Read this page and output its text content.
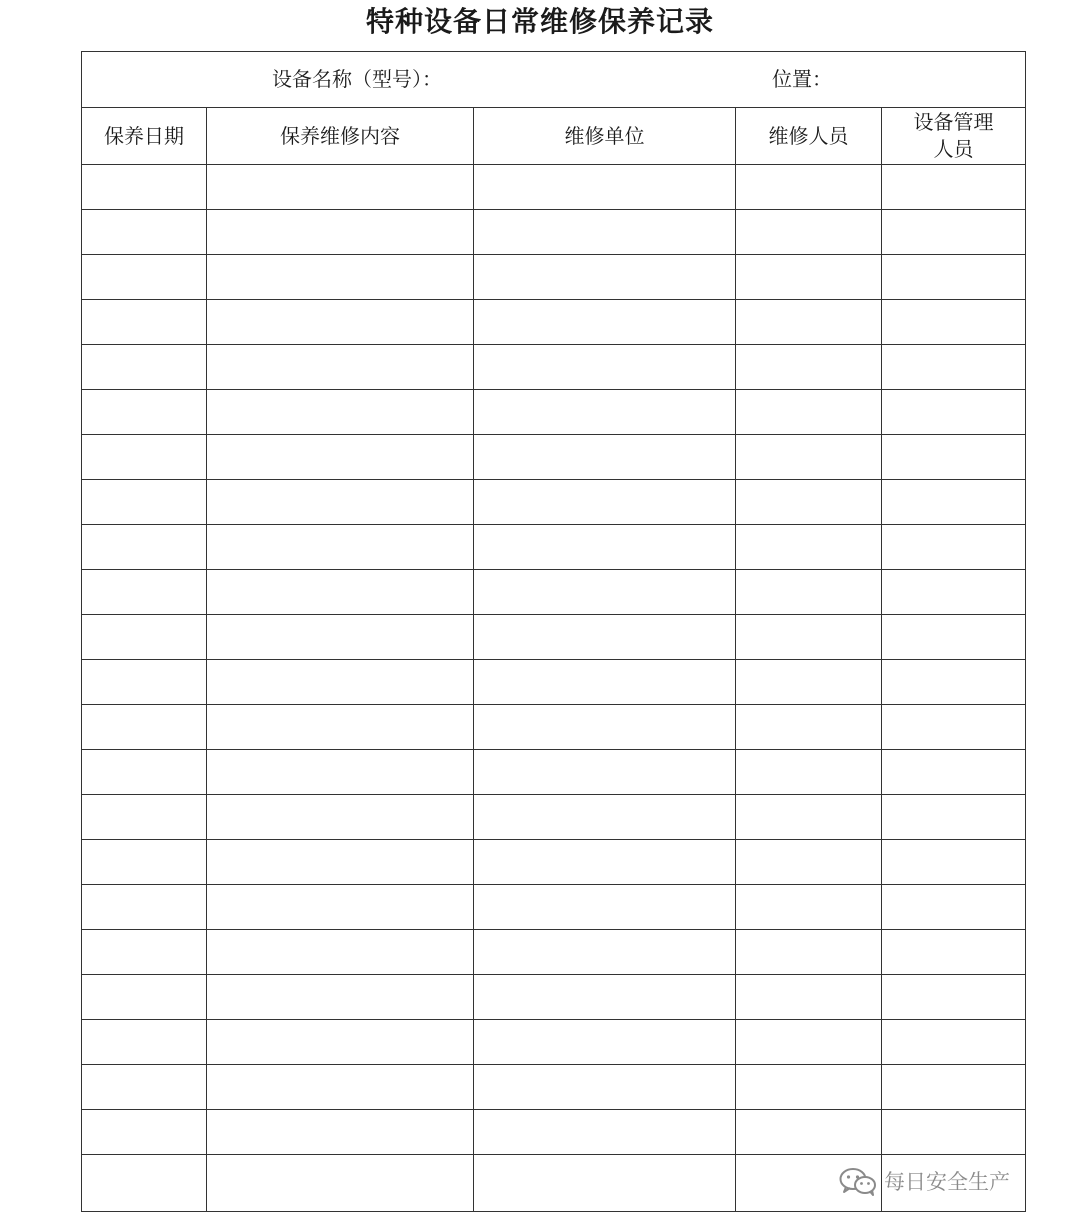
特种设备日常维修保养记录
设备名称（型号）： 位置：				

保养日期	保养维修内容	维修单位	维修人员	设备管理人员

每日安全生产
